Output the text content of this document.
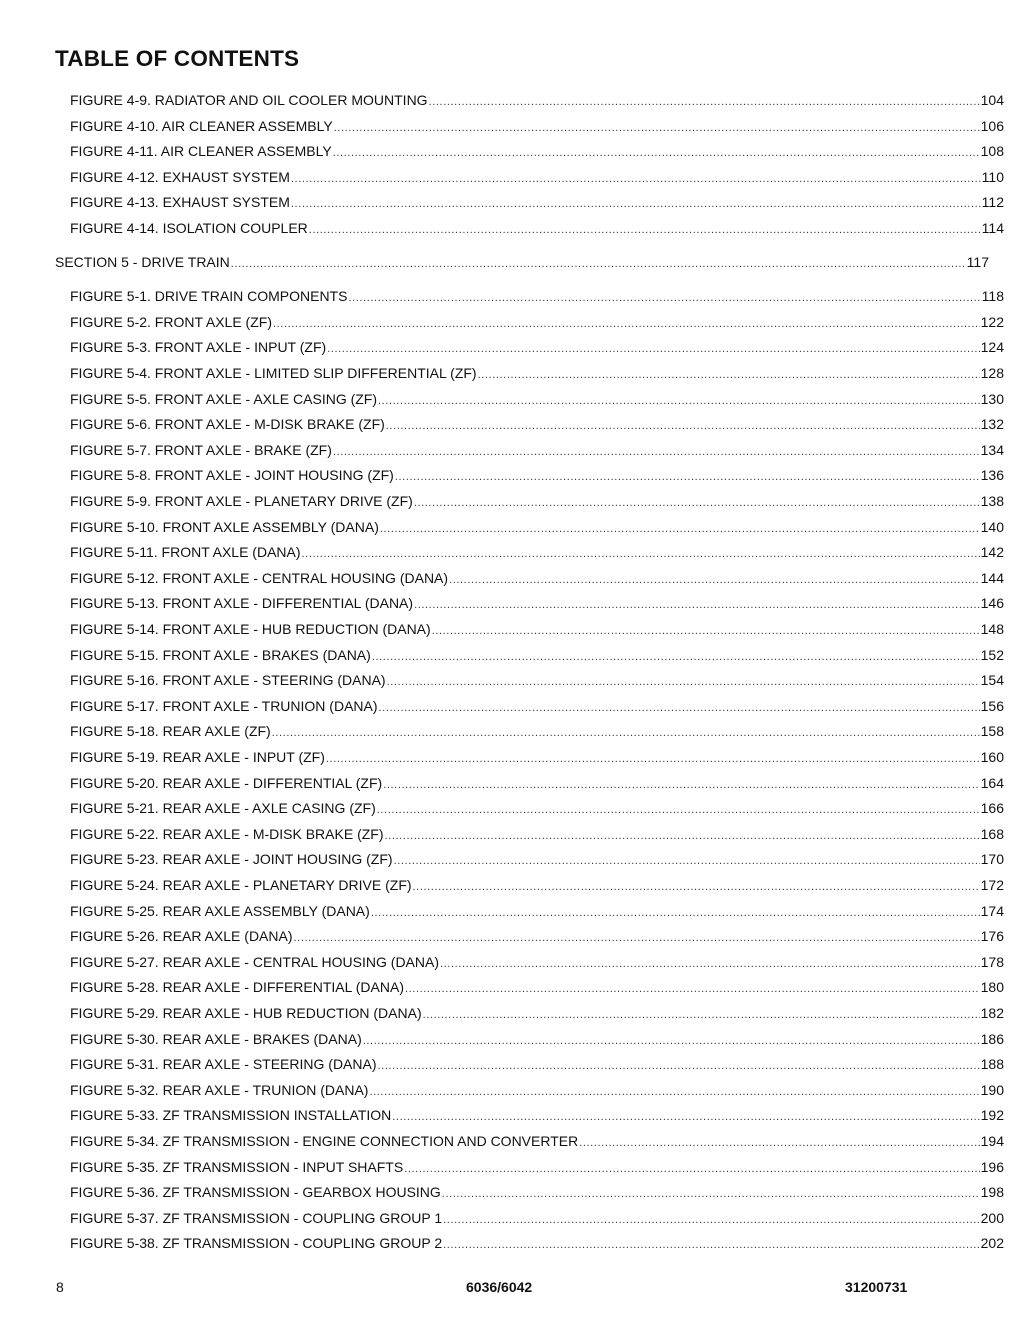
TABLE OF CONTENTS
FIGURE 4-9. RADIATOR AND OIL COOLER MOUNTING .....	104
FIGURE 4-10. AIR CLEANER ASSEMBLY .....	106
FIGURE 4-11. AIR CLEANER ASSEMBLY .....	108
FIGURE 4-12. EXHAUST SYSTEM .....	110
FIGURE 4-13. EXHAUST SYSTEM .....	112
FIGURE 4-14. ISOLATION COUPLER .....	114
SECTION 5 - DRIVE TRAIN .....	117
FIGURE 5-1. DRIVE TRAIN COMPONENTS .....	118
FIGURE 5-2. FRONT AXLE (ZF) .....	122
FIGURE 5-3. FRONT AXLE - INPUT (ZF) .....	124
FIGURE 5-4. FRONT AXLE - LIMITED SLIP DIFFERENTIAL (ZF) .....	128
FIGURE 5-5. FRONT AXLE - AXLE CASING (ZF) .....	130
FIGURE 5-6. FRONT AXLE - M-DISK BRAKE (ZF) .....	132
FIGURE 5-7. FRONT AXLE - BRAKE (ZF) .....	134
FIGURE 5-8. FRONT AXLE - JOINT HOUSING (ZF) .....	136
FIGURE 5-9. FRONT AXLE - PLANETARY DRIVE (ZF) .....	138
FIGURE 5-10. FRONT AXLE ASSEMBLY (DANA) .....	140
FIGURE 5-11. FRONT AXLE (DANA) .....	142
FIGURE 5-12. FRONT AXLE - CENTRAL HOUSING (DANA) .....	144
FIGURE 5-13. FRONT AXLE - DIFFERENTIAL (DANA) .....	146
FIGURE 5-14. FRONT AXLE - HUB REDUCTION (DANA) .....	148
FIGURE 5-15. FRONT AXLE - BRAKES (DANA) .....	152
FIGURE 5-16. FRONT AXLE - STEERING (DANA) .....	154
FIGURE 5-17. FRONT AXLE - TRUNION (DANA) .....	156
FIGURE 5-18. REAR AXLE (ZF) .....	158
FIGURE 5-19. REAR AXLE - INPUT (ZF) .....	160
FIGURE 5-20. REAR AXLE - DIFFERENTIAL (ZF) .....	164
FIGURE 5-21. REAR AXLE - AXLE CASING (ZF) .....	166
FIGURE 5-22. REAR AXLE - M-DISK BRAKE (ZF) .....	168
FIGURE 5-23. REAR AXLE - JOINT HOUSING (ZF) .....	170
FIGURE 5-24. REAR AXLE - PLANETARY DRIVE (ZF) .....	172
FIGURE 5-25. REAR AXLE ASSEMBLY (DANA) .....	174
FIGURE 5-26. REAR AXLE (DANA) .....	176
FIGURE 5-27. REAR AXLE - CENTRAL HOUSING (DANA) .....	178
FIGURE 5-28. REAR AXLE - DIFFERENTIAL (DANA) .....	180
FIGURE 5-29. REAR AXLE - HUB REDUCTION (DANA) .....	182
FIGURE 5-30. REAR AXLE - BRAKES (DANA) .....	186
FIGURE 5-31. REAR AXLE - STEERING (DANA) .....	188
FIGURE 5-32. REAR AXLE - TRUNION (DANA) .....	190
FIGURE 5-33. ZF TRANSMISSION INSTALLATION .....	192
FIGURE 5-34. ZF TRANSMISSION - ENGINE CONNECTION AND CONVERTER .....	194
FIGURE 5-35. ZF TRANSMISSION - INPUT SHAFTS .....	196
FIGURE 5-36. ZF TRANSMISSION - GEARBOX HOUSING .....	198
FIGURE 5-37. ZF TRANSMISSION - COUPLING GROUP 1 .....	200
FIGURE 5-38. ZF TRANSMISSION - COUPLING GROUP 2 .....	202
8	6036/6042	31200731
